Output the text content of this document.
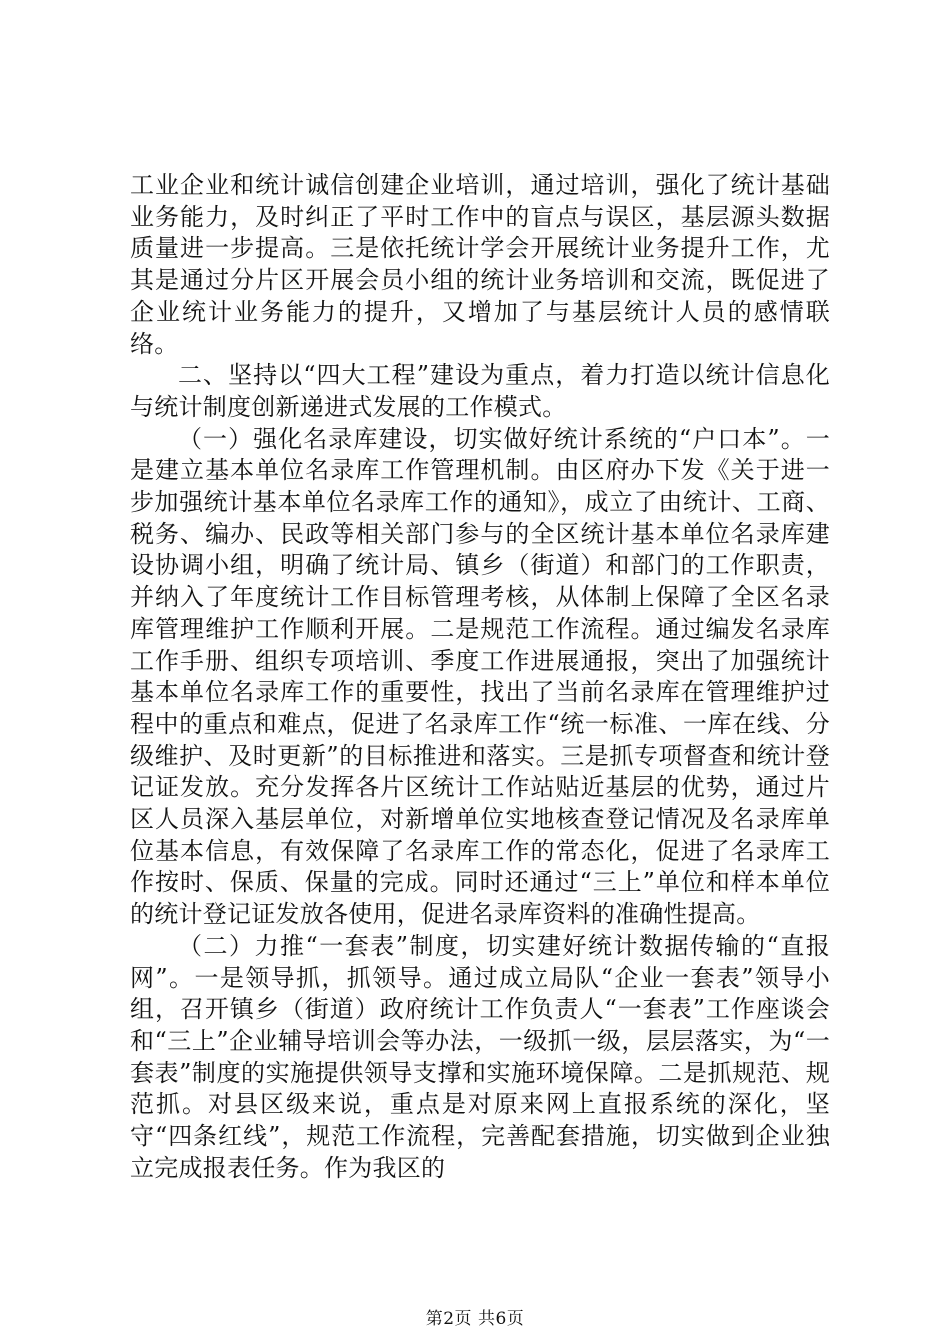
工业企业和统计诚信创建企业培训，通过培训，强化了统计基础业务能力，及时纠正了平时工作中的盲点与误区，基层源头数据质量进一步提高。三是依托统计学会开展统计业务提升工作，尤其是通过分片区开展会员小组的统计业务培训和交流，既促进了企业统计业务能力的提升，又增加了与基层统计人员的感情联络。

二、坚持以“四大工程”建设为重点，着力打造以统计信息化与统计制度创新递进式发展的工作模式。

（一）强化名录库建设，切实做好统计系统的“户口本”。一是建立基本单位名录库工作管理机制。由区府办下发《关于进一步加强统计基本单位名录库工作的通知》，成立了由统计、工商、税务、编办、民政等相关部门参与的全区统计基本单位名录库建设协调小组，明确了统计局、镇乡（街道）和部门的工作职责，并纳入了年度统计工作目标管理考核，从体制上保障了全区名录库管理维护工作顺利开展。二是规范工作流程。通过编发名录库工作手册、组织专项培训、季度工作进展通报，突出了加强统计基本单位名录库工作的重要性，找出了当前名录库在管理维护过程中的重点和难点，促进了名录库工作“统一标准、一库在线、分级维护、及时更新”的目标推进和落实。三是抓专项督查和统计登记证发放。充分发挥各片区统计工作站贴近基层的优势，通过片区人员深入基层单位，对新增单位实地核查登记情况及名录库单位基本信息，有效保障了名录库工作的常态化，促进了名录库工作按时、保质、保量的完成。同时还通过“三上”单位和样本单位的统计登记证发放各使用，促进名录库资料的准确性提高。

（二）力推“一套表”制度，切实建好统计数据传输的“直报网”。一是领导抓，抓领导。通过成立局队“企业一套表”领导小组，召开镇乡（街道）政府统计工作负责人“一套表”工作座谈会和“三上”企业辅导培训会等办法，一级抓一级，层层落实，为“一套表”制度的实施提供领导支撑和实施环境保障。二是抓规范、规范抓。对县区级来说，重点是对原来网上直报系统的深化，坚守“四条红线”，规范工作流程，完善配套措施，切实做到企业独立完成报表任务。作为我区的

第2页 共6页
